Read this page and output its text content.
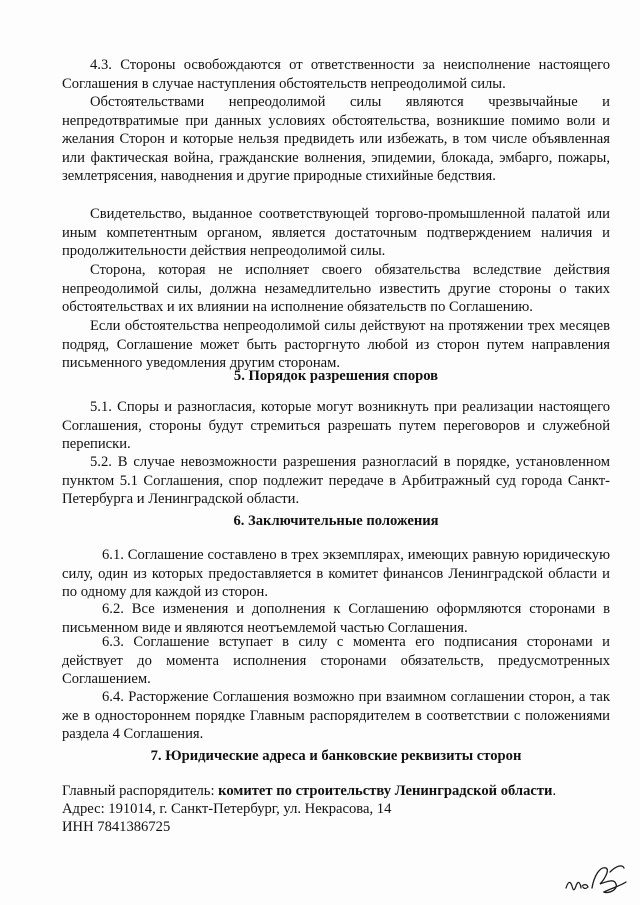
4.3. Стороны освобождаются от ответственности за неисполнение настоящего Соглашения в случае наступления обстоятельств непреодолимой силы.

Обстоятельствами непреодолимой силы являются чрезвычайные и непредотвратимые при данных условиях обстоятельства, возникшие помимо воли и желания Сторон и которые нельзя предвидеть или избежать, в том числе объявленная или фактическая война, гражданские волнения, эпидемии, блокада, эмбарго, пожары, землетрясения, наводнения и другие природные стихийные бедствия.

Свидетельство, выданное соответствующей торгово-промышленной палатой или иным компетентным органом, является достаточным подтверждением наличия и продолжительности действия непреодолимой силы.

Сторона, которая не исполняет своего обязательства вследствие действия непреодолимой силы, должна незамедлительно известить другие стороны о таких обстоятельствах и их влиянии на исполнение обязательств по Соглашению.

Если обстоятельства непреодолимой силы действуют на протяжении трех месяцев подряд, Соглашение может быть расторгнуто любой из сторон путем направления письменного уведомления другим сторонам.

5. Порядок разрешения споров

5.1. Споры и разногласия, которые могут возникнуть при реализации настоящего Соглашения, стороны будут стремиться разрешать путем переговоров и служебной переписки.

5.2. В случае невозможности разрешения разногласий в порядке, установленном пунктом 5.1 Соглашения, спор подлежит передаче в Арбитражный суд города Санкт-Петербурга и Ленинградской области.

6. Заключительные положения

6.1. Соглашение составлено в трех экземплярах, имеющих равную юридическую силу, один из которых предоставляется в комитет финансов Ленинградской области и по одному для каждой из сторон.

6.2. Все изменения и дополнения к Соглашению оформляются сторонами в письменном виде и являются неотъемлемой частью Соглашения.

6.3. Соглашение вступает в силу с момента его подписания сторонами и действует до момента исполнения сторонами обязательств, предусмотренных Соглашением.

6.4. Расторжение Соглашения возможно при взаимном соглашении сторон, а так же в одностороннем порядке Главным распорядителем в соответствии с положениями раздела 4 Соглашения.

7. Юридические адреса и банковские реквизиты сторон

Главный распорядитель: комитет по строительству Ленинградской области.

Адрес: 191014, г. Санкт-Петербург, ул. Некрасова, 14

ИНН 7841386725
